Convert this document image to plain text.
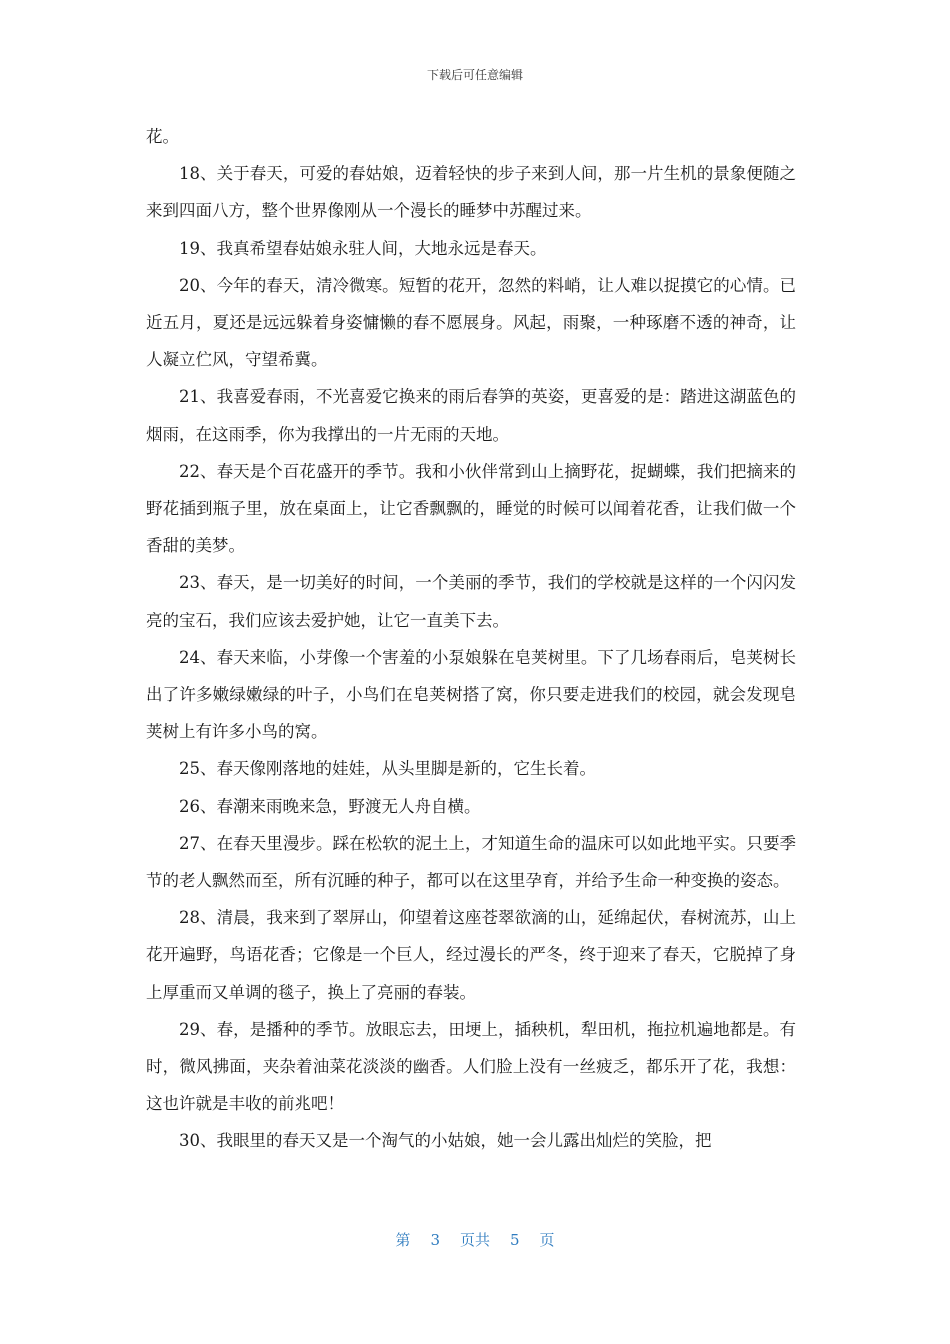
下载后可任意编辑

花。

18、关于春天，可爱的春姑娘，迈着轻快的步子来到人间，那一片生机的景象便随之来到四面八方，整个世界像刚从一个漫长的睡梦中苏醒过来。

19、我真希望春姑娘永驻人间，大地永远是春天。

20、今年的春天，清冷微寒。短暂的花开，忽然的料峭，让人难以捉摸它的心情。已近五月，夏还是远远躲着身姿慵懒的春不愿展身。风起，雨聚，一种琢磨不透的神奇，让人凝立伫风，守望希冀。

21、我喜爱春雨，不光喜爱它换来的雨后春笋的英姿，更喜爱的是：踏进这湖蓝色的烟雨，在这雨季，你为我撑出的一片无雨的天地。

22、春天是个百花盛开的季节。我和小伙伴常到山上摘野花，捉蝴蝶，我们把摘来的野花插到瓶子里，放在桌面上，让它香飘飘的，睡觉的时候可以闻着花香，让我们做一个香甜的美梦。

23、春天，是一切美好的时间，一个美丽的季节，我们的学校就是这样的一个闪闪发亮的宝石，我们应该去爱护她，让它一直美下去。

24、春天来临，小芽像一个害羞的小泵娘躲在皂荚树里。下了几场春雨后，皂荚树长出了许多嫩绿嫩绿的叶子，小鸟们在皂荚树搭了窝，你只要走进我们的校园，就会发现皂荚树上有许多小鸟的窝。

25、春天像刚落地的娃娃，从头里脚是新的，它生长着。

26、春潮来雨晚来急，野渡无人舟自横。

27、在春天里漫步。踩在松软的泥土上，才知道生命的温床可以如此地平实。只要季节的老人飘然而至，所有沉睡的种子，都可以在这里孕育，并给予生命一种变换的姿态。

28、清晨，我来到了翠屏山，仰望着这座苍翠欲滴的山，延绵起伏，春树流苏，山上花开遍野，鸟语花香；它像是一个巨人，经过漫长的严冬，终于迎来了春天，它脱掉了身上厚重而又单调的毯子，换上了亮丽的春装。

29、春，是播种的季节。放眼忘去，田埂上，插秧机，犁田机，拖拉机遍地都是。有时，微风拂面，夹杂着油菜花淡淡的幽香。人们脸上没有一丝疲乏，都乐开了花，我想：这也许就是丰收的前兆吧！

30、我眼里的春天又是一个淘气的小姑娘，她一会儿露出灿烂的笑脸，把

第 3 页共 5 页
